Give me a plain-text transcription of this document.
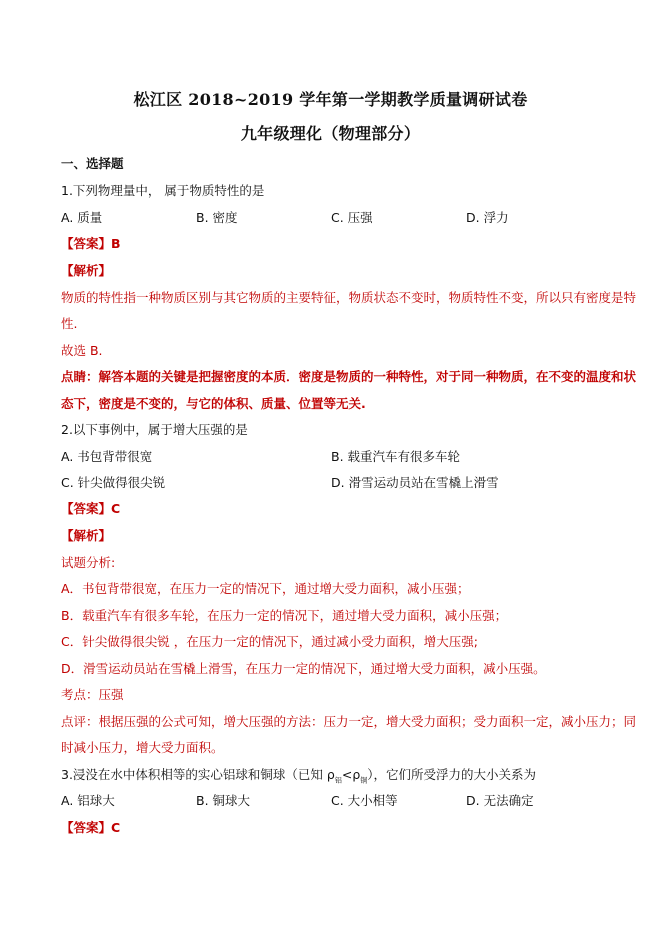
松江区 2018~2019 学年第一学期教学质量调研试卷
九年级理化（物理部分）
一、选择题
1.下列物理量中， 属于物质特性的是
A. 质量	B. 密度	C. 压强	D. 浮力
【答案】B
【解析】
物质的特性指一种物质区别与其它物质的主要特征，物质状态不变时，物质特性不变，所以只有密度是特
性.
故选 B.
点睛：解答本题的关键是把握密度的本质．密度是物质的一种特性，对于同一种物质，在不变的温度和状
态下，密度是不变的，与它的体积、质量、位置等无关.
2.以下事例中，属于增大压强的是
A. 书包背带很宽	B. 载重汽车有很多车轮
C. 针尖做得很尖锐	D. 滑雪运动员站在雪橇上滑雪
【答案】C
【解析】
试题分析:
A．书包背带很宽，在压力一定的情况下，通过增大受力面积，减小压强；
B．载重汽车有很多车轮，在压力一定的情况下，通过增大受力面积，减小压强；
C．针尖做得很尖锐 ，在压力一定的情况下，通过减小受力面积，增大压强;
D．滑雪运动员站在雪橇上滑雪，在压力一定的情况下，通过增大受力面积，减小压强。
考点：压强
点评：根据压强的公式可知，增大压强的方法：压力一定，增大受力面积；受力面积一定，减小压力；同
时减小压力，增大受力面积。
3.浸没在水中体积相等的实心铝球和铜球（已知 $\rho_铝<\rho_铜$），它们所受浮力的大小关系为
A. 铝球大	B. 铜球大	C. 大小相等	D. 无法确定
【答案】C
